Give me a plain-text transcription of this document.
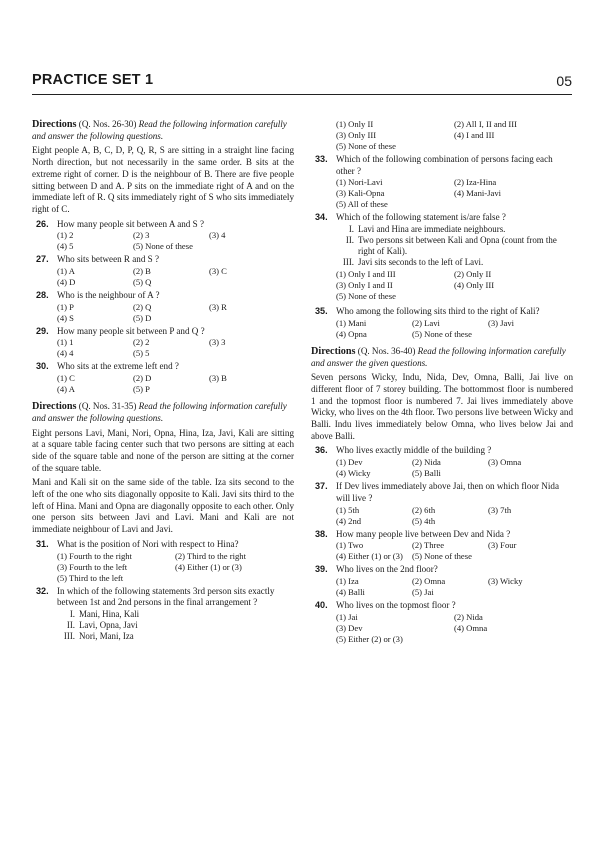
PRACTICE SET 1	05

Directions (Q. Nos. 26-30) Read the following information carefully and answer the following questions.

Eight people A, B, C, D, P, Q, R, S are sitting in a straight line facing North direction, but not necessarily in the same order. B sits at the extreme right of corner. D is the neighbour of B. There are five people sitting between D and A. P sits on the immediate right of A and on the immediate left of R. Q sits immediately right of S who sits immediately right of C.

26. How many people sit between A and S ?

(1) 2	(2) 3	(3) 4
(4) 5	(5) None of these
27. Who sits between R and S ?

(1) A	(2) B	(3) C
(4) D	(5) Q
28. Who is the neighbour of A ?

(1) P	(2) Q	(3) R
(4) S	(5) D
29. How many people sit between P and Q ?

(1) 1	(2) 2	(3) 3
(4) 4	(5) 5
30. Who sits at the extreme left end ?

(1) C	(2) D	(3) B
(4) A	(5) P

Directions (Q. Nos. 31-35) Read the following information carefully and answer the following questions.

Eight persons Lavi, Mani, Nori, Opna, Hina, Iza, Javi, Kali are sitting at a square table facing center such that two persons are sitting at each side of the square table and none of the person are sitting at the corner of the square table.

Mani and Kali sit on the same side of the table. Iza sits second to the left of the one who sits diagonally opposite to Kali. Javi sits third to the left of Hina. Mani and Opna are diagonally opposite to each other. Only one person sits between Javi and Lavi. Mani and Kali are not immediate neighbour of Lavi and Javi.

31. What is the position of Nori with respect to Hina?

(1) Fourth to the right	(2) Third to the right
(3) Fourth to the left	(4) Either (1) or (3)
(5) Third to the left
32. In which of the following statements 3rd person sits exactly between 1st and 2nd persons in the final arrangement ?

I. Mani, Hina, Kali
II. Lavi, Opna, Javi
III. Nori, Mani, Iza
(1) Only II	(2) All I, II and III
(3) Only III	(4) I and III
(5) None of these
33. Which of the following combination of persons facing each other ?

(1) Nori-Lavi	(2) Iza-Hina
(3) Kali-Opna	(4) Mani-Javi
(5) All of these
34. Which of the following statement is/are false ?

I. Lavi and Hina are immediate neighbours.
II. Two persons sit between Kali and Opna (count from the right of Kali).
III. Javi sits seconds to the left of Lavi.
(1) Only I and III	(2) Only II
(3) Only I and II	(4) Only III
(5) None of these
35. Who among the following sits third to the right of Kali?

(1) Mani	(2) Lavi	(3) Javi
(4) Opna	(5) None of these

Directions (Q. Nos. 36-40) Read the following information carefully and answer the given questions.

Seven persons Wicky, Indu, Nida, Dev, Omna, Balli, Jai live on different floor of 7 storey building. The bottommost floor is numbered 1 and the topmost floor is numbered 7. Jai lives immediately above Wicky, who lives on the 4th floor. Two persons live between Wicky and Balli. Indu lives immediately below Omna, who lives below Jai and above Balli.

36. Who lives exactly middle of the building ?

(1) Dev	(2) Nida	(3) Omna
(4) Wicky	(5) Balli
37. If Dev lives immediately above Jai, then on which floor Nida will live ?

(1) 5th	(2) 6th	(3) 7th
(4) 2nd	(5) 4th
38. How many people live between Dev and Nida ?

(1) Two	(2) Three	(3) Four
(4) Either (1) or (3)	(5) None of these
39. Who lives on the 2nd floor?

(1) Iza	(2) Omna	(3) Wicky
(4) Balli	(5) Jai
40. Who lives on the topmost floor ?

(1) Jai	(2) Nida
(3) Dev	(4) Omna
(5) Either (2) or (3)
